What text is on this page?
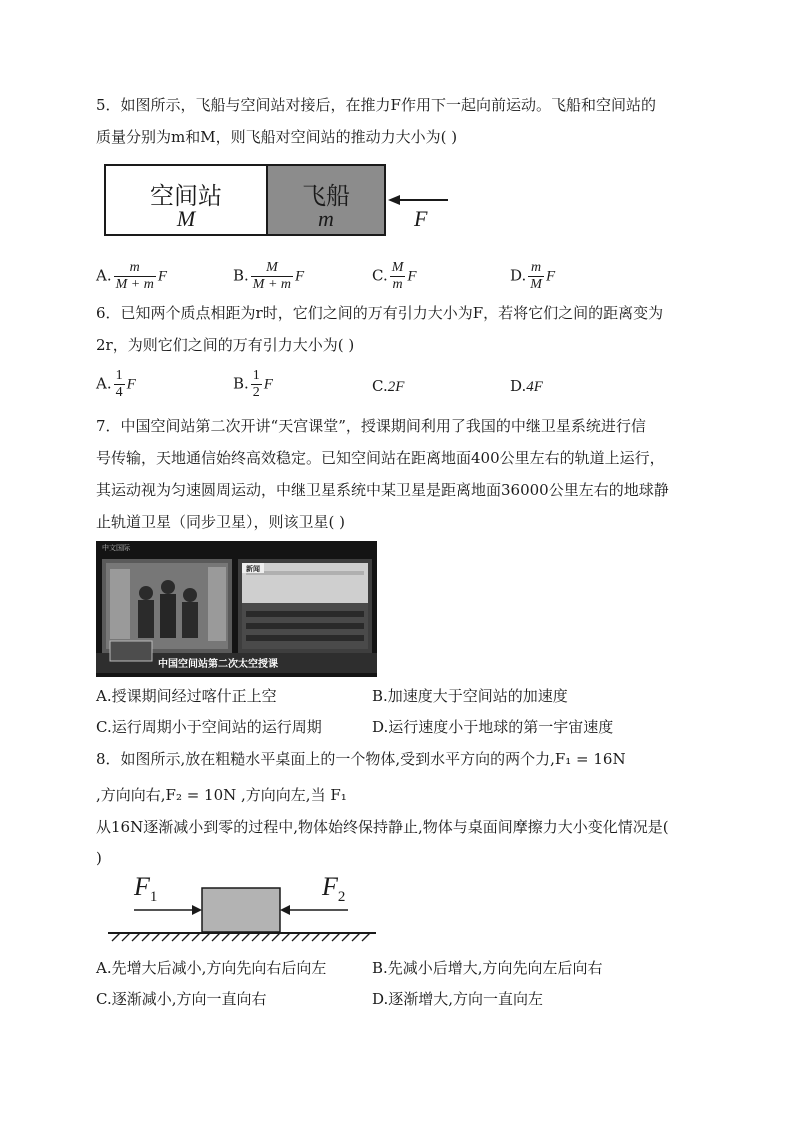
5．如图所示，飞船与空间站对接后，在推力F作用下一起向前运动。飞船和空间站的
质量分别为m和M，则飞船对空间站的推动力大小为( )
空间站
M
飞船
m	F
A. $\frac{m}{M + m}$ F	B. $\frac{M}{M + m}$ F	C. $\frac{M}{m}$ F	D. $\frac{m}{M}$ F
6．已知两个质点相距为r时，它们之间的万有引力大小为F，若将它们之间的距离变为
2r，为则它们之间的万有引力大小为( )
A. $\frac{1}{4}$ F	B. $\frac{1}{2}$ F	C.2F	D.4F
7．中国空间站第二次开讲“天宫课堂”，授课期间利用了我国的中继卫星系统进行信
号传输，天地通信始终高效稳定。已知空间站在距离地面400公里左右的轨道上运行，
其运动视为匀速圆周运动，中继卫星系统中某卫星是距离地面36000公里左右的地球静
止轨道卫星（同步卫星），则该卫星( )
中文国际
新闻
中国空间站第二次太空授课
A.授课期间经过喀什正上空	B.加速度大于空间站的加速度
C.运行周期小于空间站的运行周期	D.运行速度小于地球的第一宇宙速度
8．如图所示,放在粗糙水平桌面上的一个物体,受到水平方向的两个力,F₁ = 16N
,方向向右,F₂ = 10N ,方向向左,当 F₁
从16N逐渐减小到零的过程中,物体始终保持静止,物体与桌面间摩擦力大小变化情况是(
)
$F_1$	$F_2$
A.先增大后减小,方向先向右后向左	B.先减小后增大,方向先向左后向右
C.逐渐减小,方向一直向右	D.逐渐增大,方向一直向左
